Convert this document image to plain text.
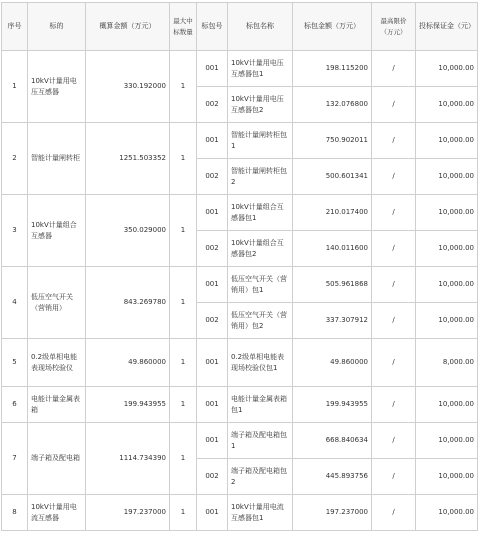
序号	标的	概算金额（万元）	最大中标数量	标包号	标包名称	标包金额（万元）	最高限价（万元）	投标保证金（元）
1	10kV计量用电压互感器	330.192000	1	001	10kV计量用电压互感器包1	198.115200	/	10,000.00
				002	10kV计量用电压互感器包2	132.076800	/	10,000.00
2	智能计量闸转柜	1251.503352	1	001	智能计量闸转柜包1	750.902011	/	10,000.00
				002	智能计量闸转柜包2	500.601341	/	10,000.00
3	10kV计量组合互感器	350.029000	1	001	10kV计量组合互感器包1	210.017400	/	10,000.00
				002	10kV计量组合互感器包2	140.011600	/	10,000.00
4	低压空气开关（营销用）	843.269780	1	001	低压空气开关（营销用）包1	505.961868	/	10,000.00
				002	低压空气开关（营销用）包2	337.307912	/	10,000.00
5	0.2级单相电能表现场校验仪	49.860000	1	001	0.2级单相电能表现场校验仪包1	49.860000	/	8,000.00
6	电能计量金属表箱	199.943955	1	001	电能计量金属表箱包1	199.943955	/	10,000.00
7	端子箱及配电箱	1114.734390	1	001	端子箱及配电箱包1	668.840634	/	10,000.00
				002	端子箱及配电箱包2	445.893756	/	10,000.00
8	10kV计量用电流互感器	197.237000	1	001	10kV计量用电流互感器包1	197.237000	/	10,000.00
